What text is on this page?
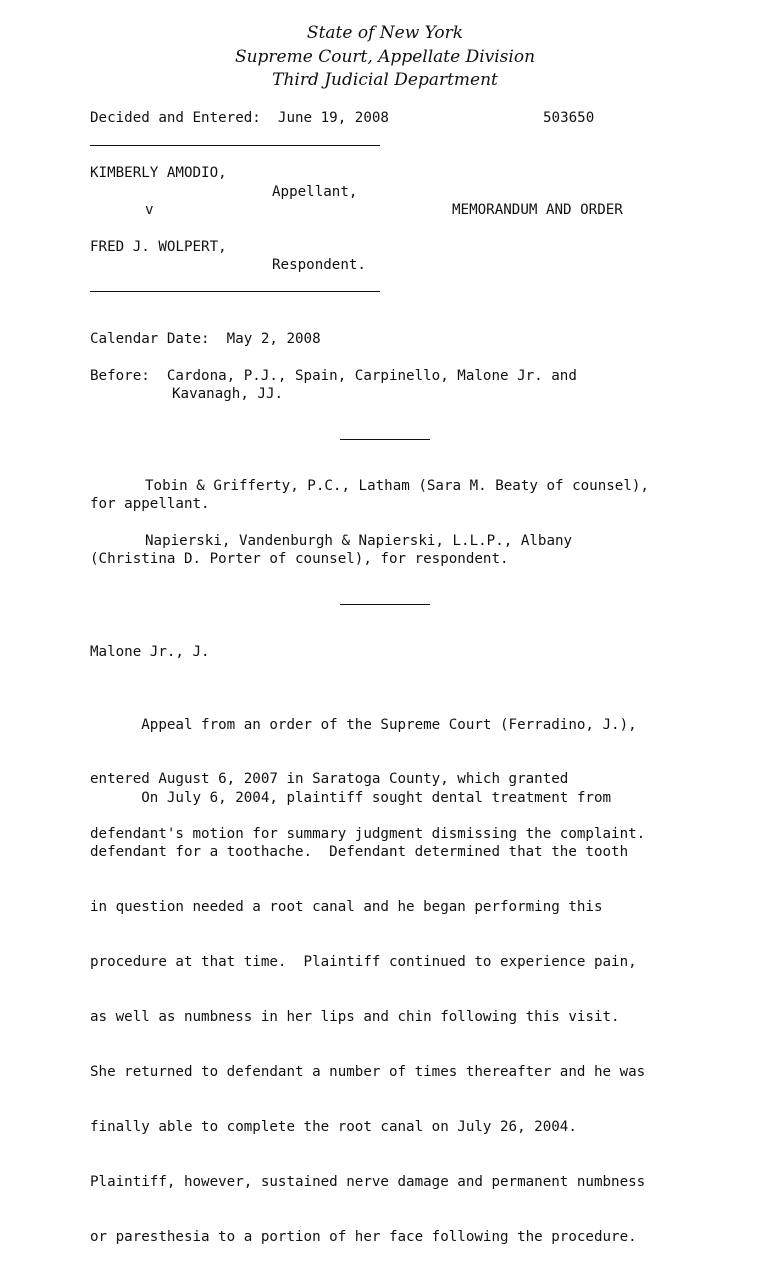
State of New York
Supreme Court, Appellate Division
Third Judicial Department
Decided and Entered:  June 19, 2008	503650
KIMBERLY AMODIO,
Appellant,
v	MEMORANDUM AND ORDER
FRED J. WOLPERT,
Respondent.
Calendar Date:  May 2, 2008
Before:  Cardona, P.J., Spain, Carpinello, Malone Jr. and
Kavanagh, JJ.
Tobin & Grifferty, P.C., Latham (Sara M. Beaty of counsel),
for appellant.
Napierski, Vandenburgh & Napierski, L.L.P., Albany
(Christina D. Porter of counsel), for respondent.
Malone Jr., J.

Appeal from an order of the Supreme Court (Ferradino, J.),

entered August 6, 2007 in Saratoga County, which granted

defendant's motion for summary judgment dismissing the complaint.

On July 6, 2004, plaintiff sought dental treatment from

defendant for a toothache.  Defendant determined that the tooth

in question needed a root canal and he began performing this

procedure at that time.  Plaintiff continued to experience pain,

as well as numbness in her lips and chin following this visit.

She returned to defendant a number of times thereafter and he was

finally able to complete the root canal on July 26, 2004.

Plaintiff, however, sustained nerve damage and permanent numbness

or paresthesia to a portion of her face following the procedure.
